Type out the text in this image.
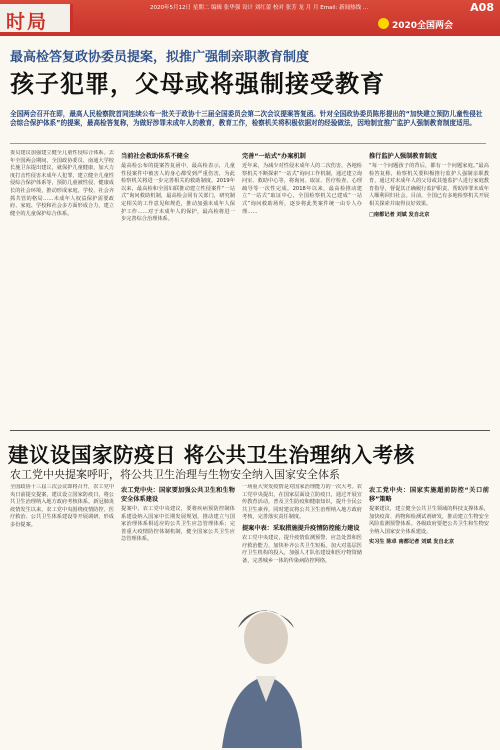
时局
2020年5月12日 星期二 编辑 张华强 设计 刘红蕾 校对 张芳 龙 月 月 Email: 新闻热线 ...	A08
2020全国两会
最高检答复政协委员提案，拟推广强制亲职教育制度
孩子犯罪，父母或将强制接受教育
全国两会召开在即，最高人民检察院首同连续公布一批关于政协十三届全国委员会第二次会议提案答复函。针对全国政协委员陈彤提出的“加快建立预防儿童性侵社会综合保护体系”的提案，最高检答复称，为做好涉罪未成年人的教育，教育工作，检察机关将积极依据对的经验做法，因地制宜推广监护人强制教育制度适用。
委员建议加强建立健全儿童性侵综合体系。去年全国两会期间，全国政协委员、南通大学校长施卫东提出建议，就保护儿童健康，加大力度打击性侵害未成年人犯罪，建立健全儿童性侵综合保护体系等，预防儿童被性侵、健康成长的社会环境，推动形成家庭、学校、社会齐抓共管的格局……未成年人权益保护需要政府、家庭、学校和社会多方面形成合力，建立健全的儿童保护综合体系。
当前社会救助体系不健全
最高检公布的提案答复函中，最高检表示，儿童性侵案件中被害人的身心都受到严重伤害，为此检察机关将进一步完善相关的救助制度。2019年以来，最高检和全国妇联推动建立性侵案件“一站式”询问救助机制，最高检会同有关部门，研究制定相关的工作意见和规范，推动加强未成年人保护工作……对于未成年人的保护，最高检将进一步完善综合治理体系。
完善“一站式”办案机制
近年来，为减少对性侵未成年人的二次伤害，各地检察机关不断探索“一站式”询问工作机制，通过建立询问室、救助中心等，将询问、取证、医疗检查、心理疏导等一次性完成。2018年以来，最高检推动建立“一站式”取证中心，全国检察机关已建成“一站式”询问救助场所，逐步将此类案件统一由专人办理……
推行监护人强制教育制度
“每一个问题孩子的背后，都有一个问题家庭。”最高检答复称，检察机关要积极推行监护人强制亲职教育，通过对未成年人的父母或其他监护人进行家庭教育指导，督促其正确履行监护职责，帮助涉罪未成年人顺利回归社会。目前，全国已有多地检察机关开展相关探索并取得良好效果。
□南都记者 刘斌 发自北京
建议设国家防疫日 将公共卫生治理纳入考核
农工党中央提案呼吁，将公共卫生治理与生物安全纳入国家安全体系
全国政协十三届三次会议即将召开，农工党中央日前提交提案，建议设立国家防疫日，将公共卫生治理纳入地方政府考核体系。新冠肺炎疫情发生以来，农工党中央围绕疫情防控、医疗救治、公共卫生体系建设等开展调研，形成多份提案。
农工党中央：国家要加强公共卫生和生物安全体系建设
提案中，农工党中央建议，要将疾病预防控制体系建设纳入国家中长期发展规划，推动建立与国家治理体系相适应的公共卫生应急管理体系；完善重大疫情防控体制机制，健全国家公共卫生应急管理体系。
一场重大突发疫情是对国家治理能力的一次大考。农工党中央提出，在国家层面设立防疫日，通过开展宣传教育活动，普及卫生防疫和健康知识，提升全民公共卫生素养。同时建议将公共卫生治理纳入地方政府考核，完善落实责任制度。
提案中表：采取措施提升疫情防控能力建设
农工党中央建议，提升疫情监测预警、应急处置和医疗救治能力，加快补齐公共卫生短板。加大对基层医疗卫生机构的投入，加强人才队伍建设和医疗物资储备，完善城乡一体的传染病防控网络。
农工党中央：国家实施超前防控“关口前移”策略
提案建议，建立健全公共卫生领域的科技支撑体系，加快疫苗、药物和检测试剂研发，推动建立生物安全风险监测预警体系。各级政府要把公共卫生和生物安全纳入国家安全体系建设。
实习生 陈卓 南都记者 刘斌 发自北京
